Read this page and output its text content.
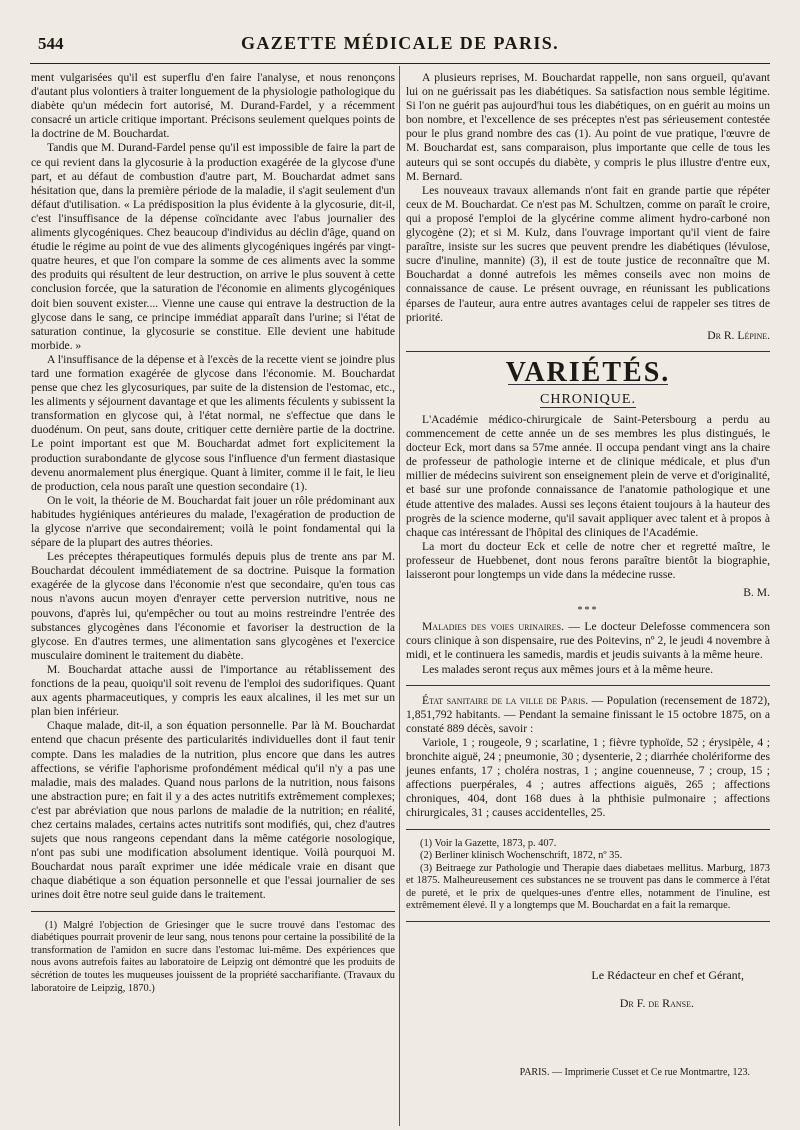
544	GAZETTE MÉDICALE DE PARIS.

ment vulgarisées qu'il est superflu d'en faire l'analyse, et nous renonçons d'autant plus volontiers à traiter longuement de la physiologie pathologique du diabète qu'un médecin fort autorisé, M. Durand-Fardel, y a récemment consacré un article critique important. Précisons seulement quelques points de la doctrine de M. Bouchardat.

Tandis que M. Durand-Fardel pense qu'il est impossible de faire la part de ce qui revient dans la glycosurie à la production exagérée de la glycose d'une part, et au défaut de combustion d'autre part, M. Bouchardat admet sans hésitation que, dans la première période de la maladie, il s'agit seulement d'un défaut d'utilisation. « La prédisposition la plus évidente à la glycosurie, dit-il, c'est l'insuffisance de la dépense coïncidante avec l'abus journalier des aliments glycogéniques. Chez beaucoup d'individus au déclin d'âge, quand on étudie le régime au point de vue des aliments glycogéniques ingérés par vingt-quatre heures, et que l'on compare la somme de ces aliments avec la somme des produits qui résultent de leur destruction, on arrive le plus souvent à cette conclusion forcée, que la saturation de l'économie en aliments glycogéniques doit bien souvent exister.... Vienne une cause qui entrave la destruction de la glycose dans le sang, ce principe immédiat apparaît dans l'urine; si l'état de saturation continue, la glycosurie se constitue. Elle devient une habitude morbide. »

A l'insuffisance de la dépense et à l'excès de la recette vient se joindre plus tard une formation exagérée de glycose dans l'économie. M. Bouchardat pense que chez les glycosuriques, par suite de la distension de l'estomac, etc., les aliments y séjournent davantage et que les aliments féculents y subissent la transformation en glycose qui, à l'état normal, ne s'effectue que dans le duodénum. On peut, sans doute, critiquer cette dernière partie de la doctrine. Le point important est que M. Bouchardat admet fort explicitement la production surabondante de glycose sous l'influence d'un ferment diastasique devenu anormalement plus énergique. Quant à limiter, comme il le fait, le lieu de production, cela nous paraît une question secondaire (1).

On le voit, la théorie de M. Bouchardat fait jouer un rôle prédominant aux habitudes hygiéniques antérieures du malade, l'exagération de production de la glycose n'arrive que secondairement; voilà le point fondamental qui la sépare de la plupart des autres théories.

Les préceptes thérapeutiques formulés depuis plus de trente ans par M. Bouchardat découlent immédiatement de sa doctrine. Puisque la formation exagérée de la glycose dans l'économie n'est que secondaire, qu'en tous cas nous n'avons aucun moyen d'enrayer cette perversion nutritive, nous ne pouvons, d'après lui, qu'empêcher ou tout au moins restreindre l'entrée des substances glycogènes dans l'économie et favoriser la destruction de la glycose. En d'autres termes, une alimentation sans glycogènes et l'exercice musculaire dominent le traitement du diabète.

M. Bouchardat attache aussi de l'importance au rétablissement des fonctions de la peau, quoiqu'il soit revenu de l'emploi des sudorifiques. Quant aux agents pharmaceutiques, y compris les eaux alcalines, il les met sur un plan bien inférieur.

Chaque malade, dit-il, a son équation personnelle. Par là M. Bouchardat entend que chacun présente des particularités individuelles dont il faut tenir compte. Dans les maladies de la nutrition, plus encore que dans les autres affections, se vérifie l'aphorisme profondément médical qu'il n'y a pas une maladie, mais des malades. Quand nous parlons de la nutrition, nous faisons une abstraction pure; en fait il y a des actes nutritifs extrêmement complexes; c'est par abréviation que nous parlons de maladie de la nutrition; en réalité, chez certains malades, certains actes nutritifs sont modifiés, qui, chez d'autres sujets que nous rangeons cependant dans la même catégorie nosologique, n'ont pas subi une modification absolument identique. Voilà pourquoi M. Bouchardat nous paraît exprimer une idée médicale vraie en disant que chaque diabétique a son équation personnelle et que l'essai journalier de ses urines doit être notre seul guide dans le traitement.

(1) Malgré l'objection de Griesinger que le sucre trouvé dans l'estomac des diabétiques pourrait provenir de leur sang, nous tenons pour certaine la possibilité de la transformation de l'amidon en sucre dans l'estomac lui-même. Des expériences que nous avons autrefois faites au laboratoire de Leipzig ont démontré que les produits de sécrétion de toutes les muqueuses jouissent de la propriété saccharifiante. (Travaux du laboratoire de Leipzig, 1870.)

A plusieurs reprises, M. Bouchardat rappelle, non sans orgueil, qu'avant lui on ne guérissait pas les diabétiques. Sa satisfaction nous semble légitime. Si l'on ne guérit pas aujourd'hui tous les diabétiques, on en guérit au moins un bon nombre, et l'excellence de ses préceptes n'est pas sérieusement contestée pour le plus grand nombre des cas (1). Au point de vue pratique, l'œuvre de M. Bouchardat est, sans comparaison, plus importante que celle de tous les auteurs qui se sont occupés du diabète, y compris le plus illustre d'entre eux, M. Bernard.

Les nouveaux travaux allemands n'ont fait en grande partie que répéter ceux de M. Bouchardat. Ce n'est pas M. Schultzen, comme on paraît le croire, qui a proposé l'emploi de la glycérine comme aliment hydro-carboné non glycogène (2); et si M. Kulz, dans l'ouvrage important qu'il vient de faire paraître, insiste sur les sucres que peuvent prendre les diabétiques (lévulose, sucre d'inuline, mannite) (3), il est de toute justice de reconnaître que M. Bouchardat a donné autrefois les mêmes conseils avec non moins de connaissance de cause. Le présent ouvrage, en réunissant les publications éparses de l'auteur, aura entre autres avantages celui de rappeler ses titres de priorité.

Dr R. Lépine.
VARIÉTÉS.
CHRONIQUE.

L'Académie médico-chirurgicale de Saint-Petersbourg a perdu au commencement de cette année un de ses membres les plus distingués, le docteur Eck, mort dans sa 57me année. Il occupa pendant vingt ans la chaire de professeur de pathologie interne et de clinique médicale, et plus d'un millier de médecins suivirent son enseignement plein de verve et d'originalité, et basé sur une profonde connaissance de l'anatomie pathologique et une étude attentive des malades. Aussi ses leçons étaient toujours à la hauteur des progrès de la science moderne, qu'il savait appliquer avec talent et à propos à chaque cas intéressant de l'hôpital des cliniques de l'Académie.

La mort du docteur Eck et celle de notre cher et regretté maître, le professeur de Huebbenet, dont nous ferons paraître bientôt la biographie, laisseront pour longtemps un vide dans la médecine russe.

B. M.
***

Maladies des voies urinaires. — Le docteur Delefosse commencera son cours clinique à son dispensaire, rue des Poitevins, nº 2, le jeudi 4 novembre à midi, et le continuera les samedis, mardis et jeudis suivants à la même heure.

Les malades seront reçus aux mêmes jours et à la même heure.

État sanitaire de la ville de Paris. — Population (recensement de 1872), 1,851,792 habitants. — Pendant la semaine finissant le 15 octobre 1875, on a constaté 889 décès, savoir :

Variole, 1 ; rougeole, 9 ; scarlatine, 1 ; fièvre typhoïde, 52 ; érysipèle, 4 ; bronchite aiguë, 24 ; pneumonie, 30 ; dysenterie, 2 ; diarrhée cholériforme des jeunes enfants, 17 ; choléra nostras, 1 ; angine couenneuse, 7 ; croup, 15 ; affections puerpérales, 4 ; autres affections aiguës, 265 ; affections chroniques, 404, dont 168 dues à la phthisie pulmonaire ; affections chirurgicales, 31 ; causes accidentelles, 25.

(1) Voir la Gazette, 1873, p. 407.

(2) Berliner klinisch Wochenschrift, 1872, nº 35.

(3) Beitraege zur Pathologie und Therapie daes diabetaes mellitus. Marburg, 1873 et 1875. Malheureusement ces substances ne se trouvent pas dans le commerce à l'état de pureté, et le prix de quelques-unes d'entre elles, notamment de l'inuline, est extrêmement élevé. Il y a longtemps que M. Bouchardat en a fait la remarque.

Le Rédacteur en chef et Gérant,
Dr F. de Ranse.
PARIS. — Imprimerie Cusset et Ce rue Montmartre, 123.
